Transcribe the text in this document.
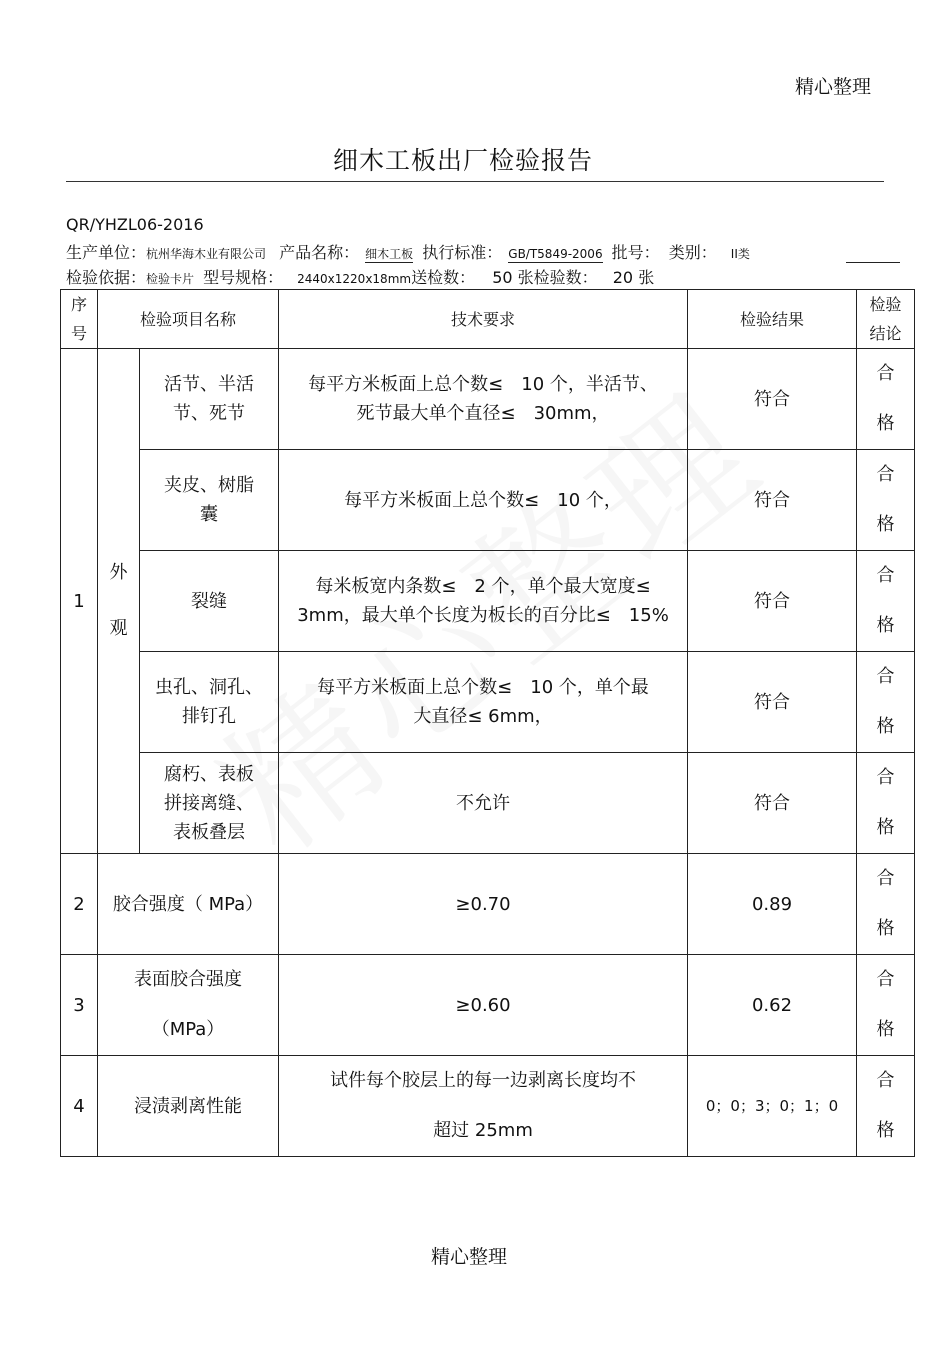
精心整理
细木工板出厂检验报告
QR/YHZL06-2016
生产单位：杭州华海木业有限公司 产品名称： 细木工板 执行标准： GB/T5849-2006 批号： 类别： II类
检验依据：检验卡片 型号规格： 2440x1220x18mm送检数： 50 张检验数： 20 张
序
号	检验项目名称		技术要求	检验结果	检验
结论

1	外
观	活节、半活
节、死节	每平方米板面上总个数≤　10 个，半活节、
死节最大单个直径≤　30mm，	符合	合
格

		夹皮、树脂
囊	每平方米板面上总个数≤　10 个，	符合	合
格

		裂缝	每米板宽内条数≤　2 个，单个最大宽度≤
3mm，最大单个长度为板长的百分比≤　15%	符合	合
格

		虫孔、洞孔、
排钉孔	每平方米板面上总个数≤　10 个，单个最
大直径≤ 6mm，	符合	合
格

		腐朽、表板
拼接离缝、
表板叠层	不允许	符合	合
格

2	胶合强度（ MPa）		≥0.70	0.89	合
格

3	表面胶合强度
（MPa）		≥0.60	0.62	合
格

4	浸渍剥离性能		试件每个胶层上的每一边剥离长度均不
超过 25mm	0；0；3；0；1；0	合
格
精心整理
